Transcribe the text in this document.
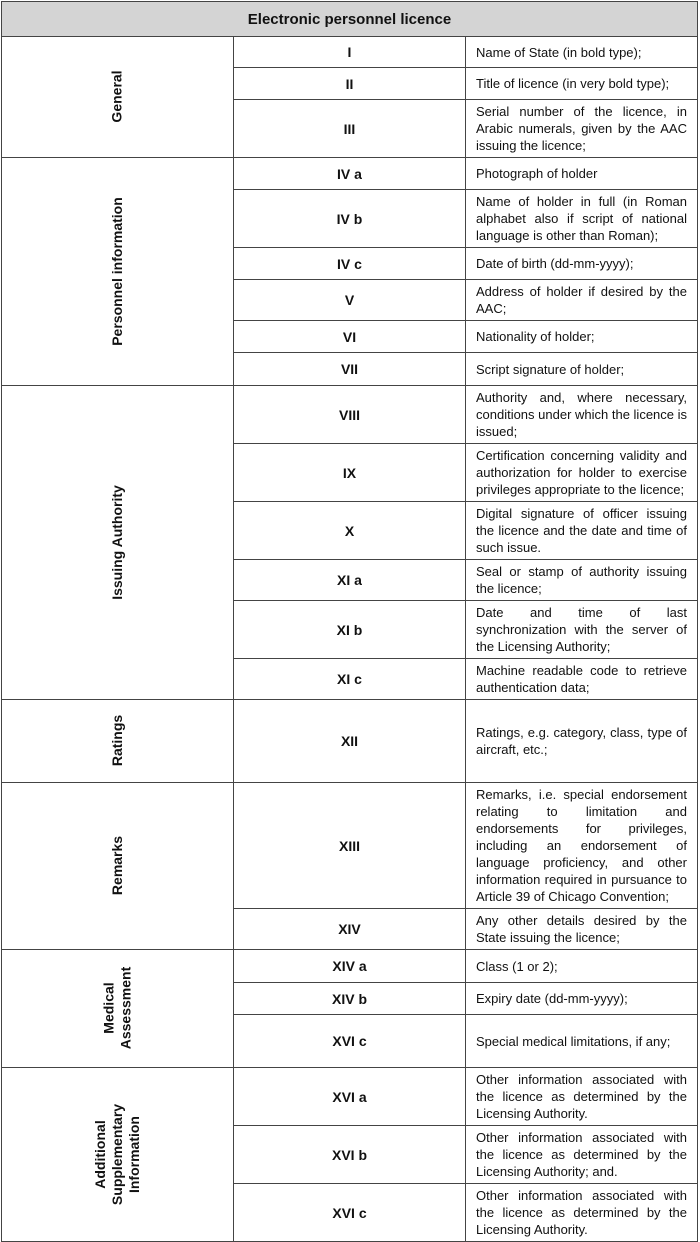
Electronic personnel licence		

General	I	Name of State (in bold type);
	II	Title of licence (in very bold type);
	III	Serial number of the licence, in Arabic numerals, given by the AAC issuing the licence;

Personnel information	IV a	Photograph of holder
	IV b	Name of holder in full (in Roman alphabet also if script of national language is other than Roman);
	IV c	Date of birth (dd-mm-yyyy);
	V	Address of holder if desired by the AAC;
	VI	Nationality of holder;
	VII	Script signature of holder;

Issuing Authority	VIII	Authority and, where necessary, conditions under which the licence is issued;
	IX	Certification concerning validity and authorization for holder to exercise privileges appropriate to the licence;
	X	Digital signature of officer issuing the licence and the date and time of such issue.
	XI a	Seal or stamp of authority issuing the licence;
	XI b	Date and time of last synchronization with the server of the Licensing Authority;
	XI c	Machine readable code to retrieve authentication data;

Ratings	XII	Ratings, e.g. category, class, type of aircraft, etc.;

Remarks	XIII	Remarks, i.e. special endorsement relating to limitation and endorsements for privileges, including an endorsement of language proficiency, and other information required in pursuance to Article 39 of Chicago Convention;
	XIV	Any other details desired by the State issuing the licence;

Medical Assessment	XIV a	Class (1 or 2);
	XIV b	Expiry date (dd-mm-yyyy);
	XVI c	Special medical limitations, if any;

Additional Supplementary Information	XVI a	Other information associated with the licence as determined by the Licensing Authority.
	XVI b	Other information associated with the licence as determined by the Licensing Authority; and.
	XVI c	Other information associated with the licence as determined by the Licensing Authority.
